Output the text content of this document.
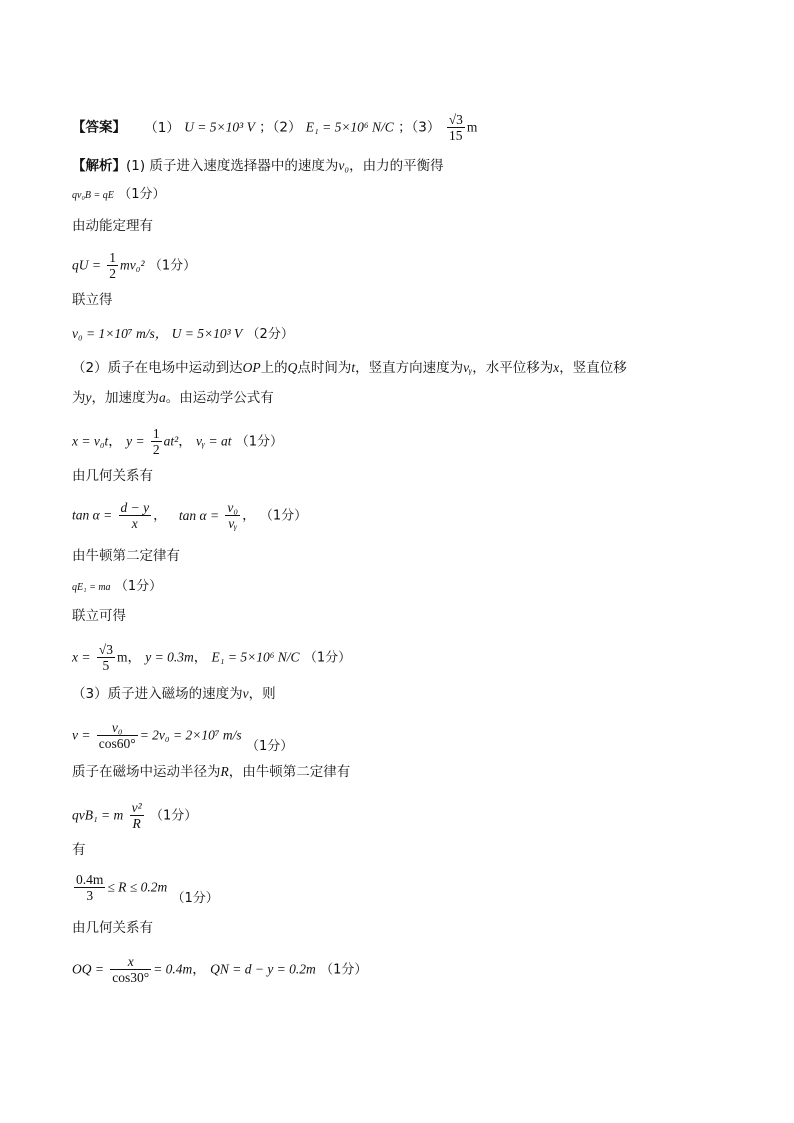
【答案】 （1） U = 5×10³ V ；（2） E₁ = 5×10⁶ N/C ；$(3) \frac{√3}{15}$ m
【解析】(1) 质子进入速度选择器中的速度为v₀，由力的平衡得
qv₀B = qE （1分）
由动能定理有
qU = $\frac{1}{2} mv_0^2$ （1分）
联立得
v₀ = 1×10⁷ m/s， U = 5×10³ V （2分）
（2）质子在电场中运动到达OP上的Q点时间为t，竖直方向速度为vᵧ，水平位移为x，竖直位移
为y，加速度为a。由运动学公式有
x = v₀t， $y = \frac{1}{2} at^2$， vᵧ = at （1分）
由几何关系有
$\tan \alpha = \frac{d - y}{x}$ ， $\tan \alpha = \frac{\text{v₀}}{\text{vᵧ}}$ ， （1分）
由牛顿第二定律有
qE₁ = ma （1分）
联立可得
$x = \frac{√3}{5}$ m， y = 0.3m， E₁ = 5×10⁶ N/C （1分）
（3）质子进入磁场的速度为v，则
$v = \frac{\text{v₀}}{\cos 60^\circ} = 2v_0 = 2\times 10^7$ m/s （1分）
质子在磁场中运动半径为R，由牛顿第二定律有
qvB₁ = m $\frac{\text{v²}}{R} (1$分）
有
$\frac{0.4m}{3} \le R \le 0.2m$ （1分）
由几何关系有
OQ = $\frac{x}{\cos 30^\circ} = 0.4m$， QN = d − y = 0.2m （1分）
